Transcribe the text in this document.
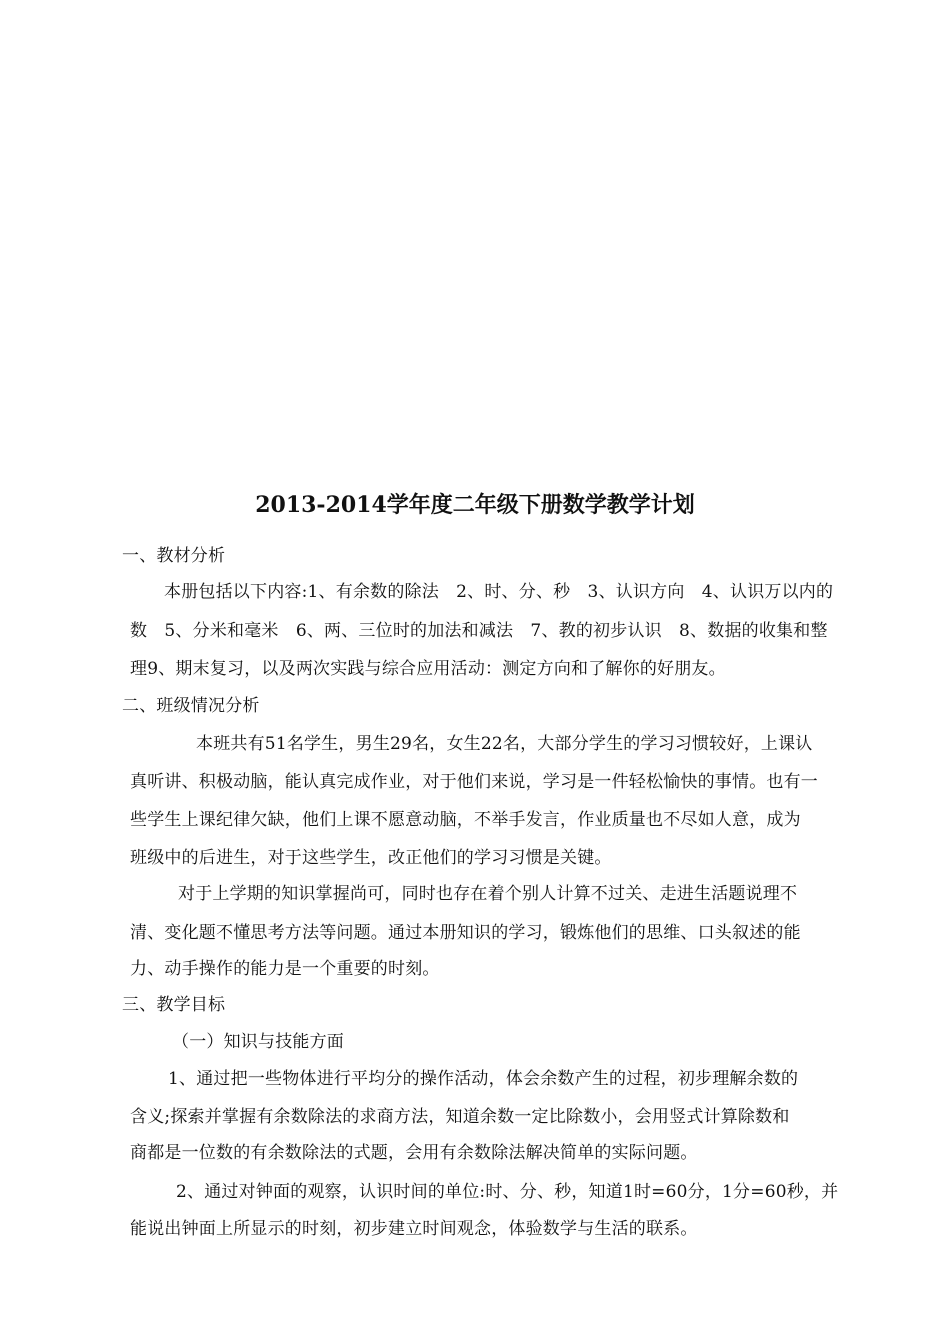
2013-2014学年度二年级下册数学教学计划
一、教材分析
本册包括以下内容:1、有余数的除法　2、时、分、秒　3、认识方向　4、认识万以内的
数　5、分米和毫米　6、两、三位时的加法和减法　7、教的初步认识　8、数据的收集和整
理9、期末复习，以及两次实践与综合应用活动：测定方向和了解你的好朋友。
二、班级情况分析
本班共有51名学生，男生29名，女生22名，大部分学生的学习习惯较好，上课认
真听讲、积极动脑，能认真完成作业，对于他们来说，学习是一件轻松愉快的事情。也有一
些学生上课纪律欠缺，他们上课不愿意动脑，不举手发言，作业质量也不尽如人意，成为
班级中的后进生，对于这些学生，改正他们的学习习惯是关键。
对于上学期的知识掌握尚可，同时也存在着个别人计算不过关、走进生活题说理不
清、变化题不懂思考方法等问题。通过本册知识的学习，锻炼他们的思维、口头叙述的能
力、动手操作的能力是一个重要的时刻。
三、教学目标
（一）知识与技能方面
1、通过把一些物体进行平均分的操作活动，体会余数产生的过程，初步理解余数的
含义;探索并掌握有余数除法的求商方法，知道余数一定比除数小，会用竖式计算除数和
商都是一位数的有余数除法的式题，会用有余数除法解决简单的实际问题。
2、通过对钟面的观察，认识时间的单位:时、分、秒，知道1时=60分，1分=60秒，并
能说出钟面上所显示的时刻，初步建立时间观念，体验数学与生活的联系。
